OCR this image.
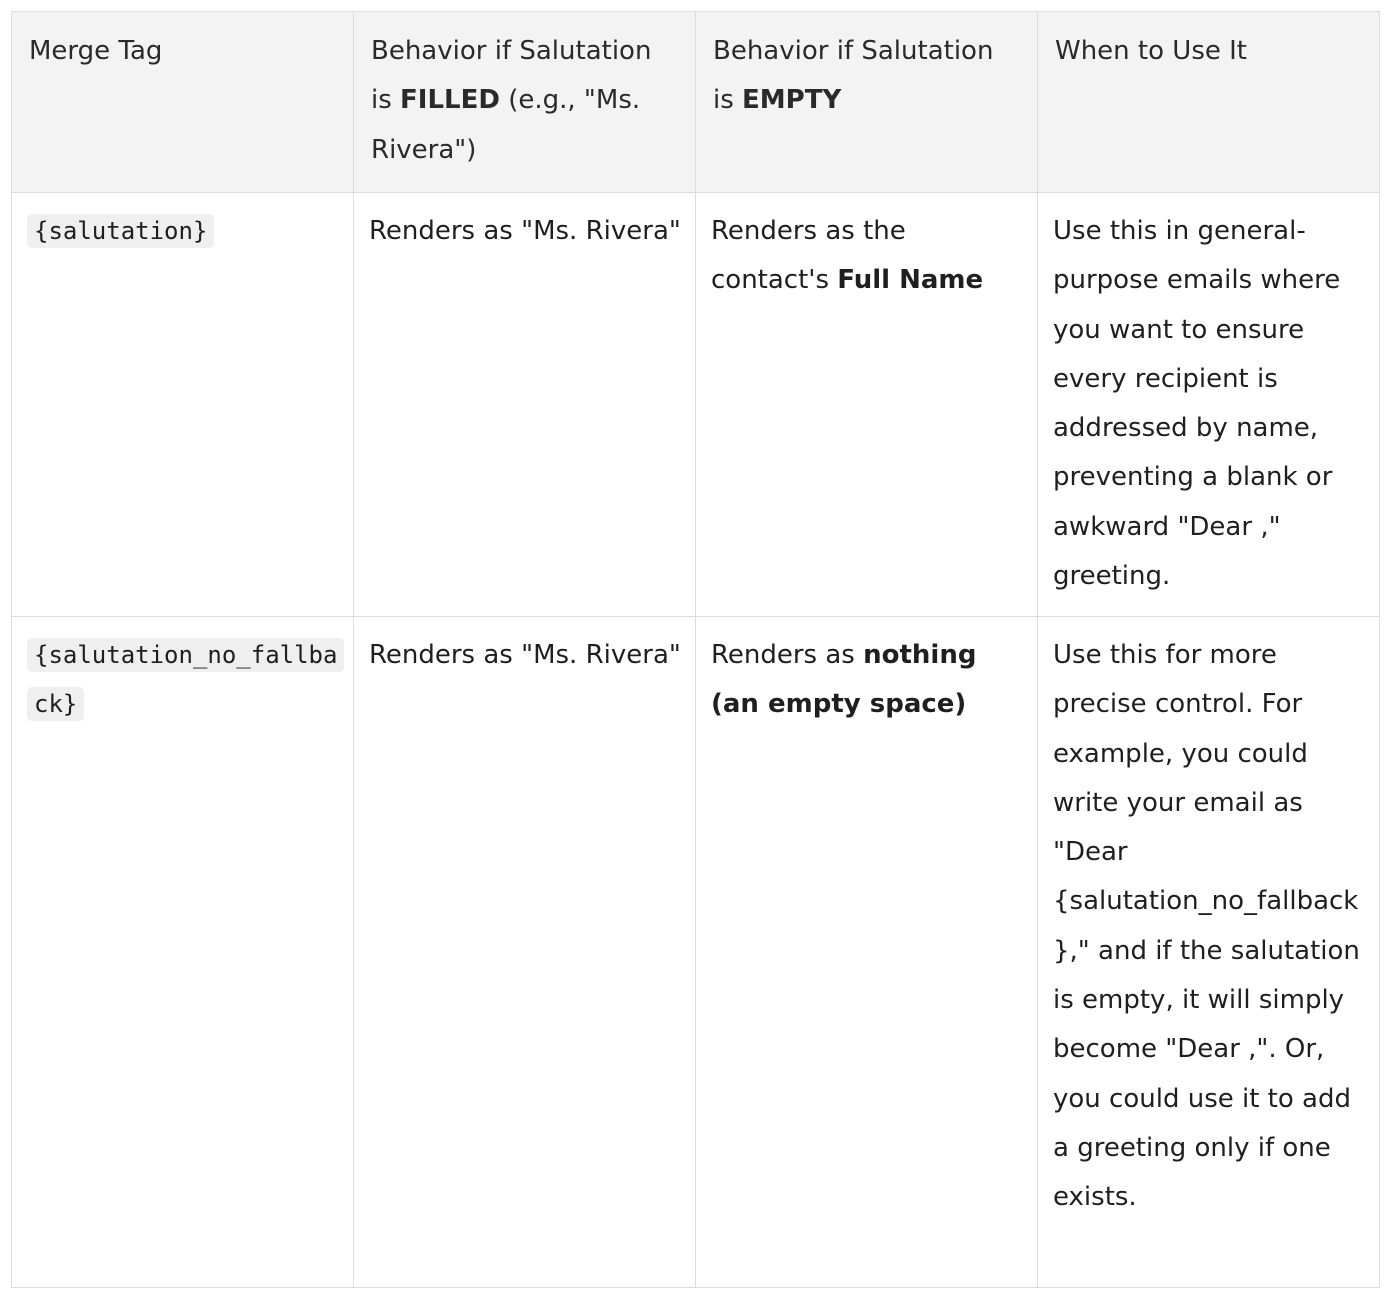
Merge Tag	Behavior if Salutation is FILLED (e.g., "Ms. Rivera")	Behavior if Salutation is EMPTY	When to Use It
{salutation}	Renders as "Ms. Rivera"	Renders as the contact's Full Name	Use this in general-purpose emails where you want to ensure every recipient is addressed by name, preventing a blank or awkward "Dear ," greeting.
{salutation_no_fallback}	Renders as "Ms. Rivera"	Renders as nothing (an empty space)	Use this for more precise control. For example, you could write your email as "Dear {salutation_no_fallback}," and if the salutation is empty, it will simply become "Dear ,". Or, you could use it to add a greeting only if one exists.
